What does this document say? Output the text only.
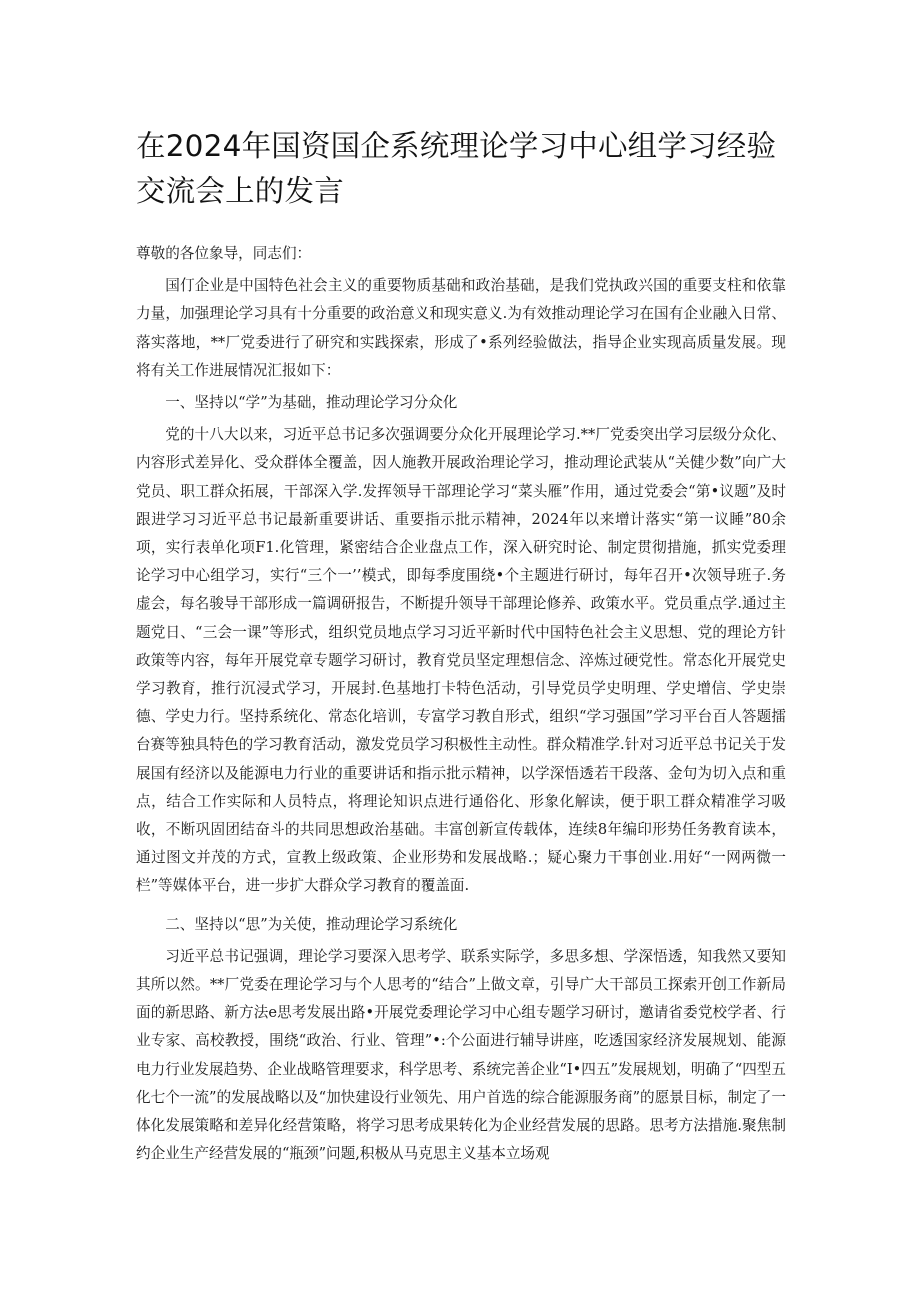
在2024年国资国企系统理论学习中心组学习经验交流会上的发言

尊敬的各位象导，同志们：

国仃企业是中国特色社会主义的重要物质基础和政治基础，是我们党执政兴国的重要支柱和依靠力量，加强理论学习具有十分重要的政治意义和现实意义.为有效推动理论学习在国有企业融入日常、落实落地，**厂党委进行了研究和实践探索，形成了•系列经验做法，指导企业实现高质量发展。现将有关工作进展情况汇报如下：

一、坚持以“学”为基础，推动理论学习分众化

党的十八大以来，习近平总书记多次强调要分众化开展理论学习.**厂党委突出学习层级分众化、内容形式差异化、受众群体全覆盖，因人施教开展政治理论学习，推动理论武装从“关健少数”向广大党员、职工群众拓展，干部深入学.发挥领导干部理论学习“菜头雁”作用，通过党委会“第•议题”及时跟进学习习近平总书记最新重要讲话、重要指示批示精神，2024年以来增计落实“第一议睡”80余项，实行表单化项F1.化管理，紧密结合企业盘点工作，深入研究时论、制定贯彻措施，抓实党委理论学习中心组学习，实行“三个一’’模式，即每季度围绕•个主题进行研讨，每年召开•次领导班子.务虚会，每名骏导干部形成一篇调研报告，不断提升领导干部理论修养、政策水平。党员重点学.通过主题党日、“三会一课”等形式，组织党员地点学习习近平新时代中国特色社会主义思想、党的理论方针政策等内容，每年开展党章专题学习研讨，教育党员坚定理想信念、淬炼过硬党性。常态化开展党史学习教育，推行沉浸式学习，开展封.色基地打卡特色活动，引导党员学史明理、学史增信、学史崇德、学史力行。坚持系统化、常态化培训，专富学习教自形式，组织“学习强国”学习平台百人答题擂台赛等独具特色的学习教育活动，激发党员学习积极性主动性。群众精准学.针对习近平总书记关于发展国有经济以及能源电力行业的重要讲话和指示批示精神，以学深悟透若干段落、金句为切入点和重点，结合工作实际和人员特点，将理论知识点进行通俗化、形象化解读，便于职工群众精准学习吸收，不断巩固团结奋斗的共同思想政治基础。丰富创新宣传载体，连续8年编印形势任务教育读本，通过图文并茂的方式，宣教上级政策、企业形势和发展战略.；疑心聚力干事创业.用好“一网两微一栏”等媒体平台，进一步扩大群众学习教育的覆盖面.

二、坚持以“思”为关使，推动理论学习系统化

习近平总书记强调，理论学习要深入思考学、联系实际学，多思多想、学深悟透，知我然又要知其所以然。**厂党委在理论学习与个人思考的“结合”上做文章，引导广大干部员工探索开创工作新局面的新思路、新方法e思考发展出路•开展党委理论学习中心组专题学习研讨，邀请省委党校学者、行业专家、高校教授，围绕“政治、行业、管理”•:个公面进行辅导讲座，吃透国家经济发展规划、能源电力行业发展趋势、企业战略管理要求，科学思考、系统完善企业“I•四五”发展规划，明确了“四型五化七个一流”的发展战略以及“加快建设行业领先、用户首选的综合能源服务商”的愿景目标，制定了一体化发展策略和差异化经营策略，将学习思考成果转化为企业经营发展的思路。思考方法措施.聚焦制约企业生产经营发展的“瓶颈”问题,积极从马克思主义基本立场观
